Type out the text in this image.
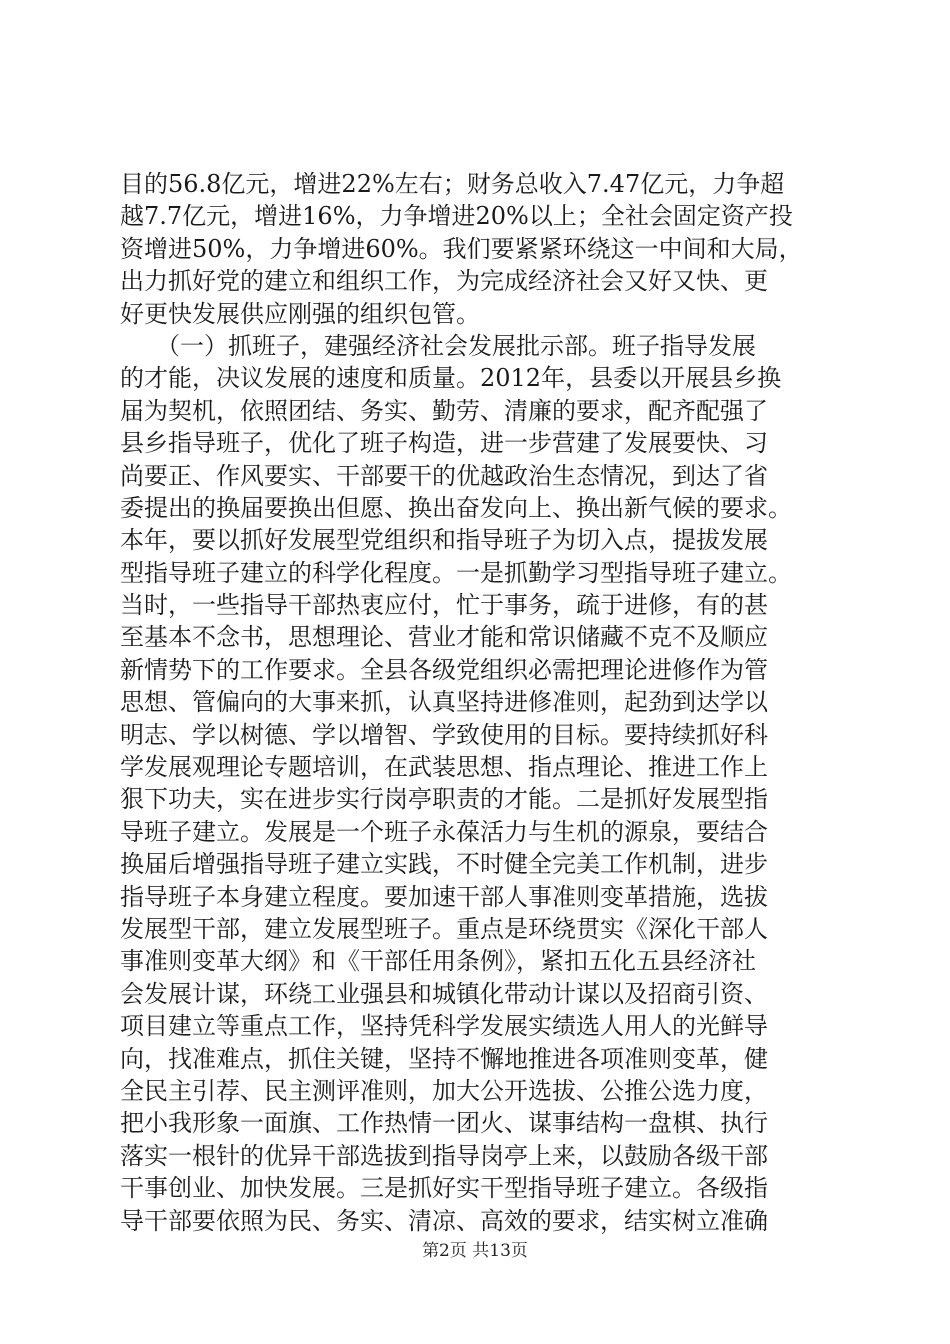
目的56.8亿元，增进22%左右；财务总收入7.47亿元，力争超
越7.7亿元，增进16%，力争增进20%以上；全社会固定资产投
资增进50%，力争增进60%。我们要紧紧环绕这一中间和大局，
出力抓好党的建立和组织工作，为完成经济社会又好又快、更
好更快发展供应刚强的组织包管。
　　（一）抓班子，建强经济社会发展批示部。班子指导发展
的才能，决议发展的速度和质量。2012年，县委以开展县乡换
届为契机，依照团结、务实、勤劳、清廉的要求，配齐配强了
县乡指导班子，优化了班子构造，进一步营建了发展要快、习
尚要正、作风要实、干部要干的优越政治生态情况，到达了省
委提出的换届要换出但愿、换出奋发向上、换出新气候的要求。
本年，要以抓好发展型党组织和指导班子为切入点，提拔发展
型指导班子建立的科学化程度。一是抓勤学习型指导班子建立。
当时，一些指导干部热衷应付，忙于事务，疏于进修，有的甚
至基本不念书，思想理论、营业才能和常识储藏不克不及顺应
新情势下的工作要求。全县各级党组织必需把理论进修作为管
思想、管偏向的大事来抓，认真坚持进修准则，起劲到达学以
明志、学以树德、学以增智、学致使用的目标。要持续抓好科
学发展观理论专题培训，在武装思想、指点理论、推进工作上
狠下功夫，实在进步实行岗亭职责的才能。二是抓好发展型指
导班子建立。发展是一个班子永葆活力与生机的源泉，要结合
换届后增强指导班子建立实践，不时健全完美工作机制，进步
指导班子本身建立程度。要加速干部人事准则变革措施，选拔
发展型干部，建立发展型班子。重点是环绕贯实《深化干部人
事准则变革大纲》和《干部任用条例》，紧扣五化五县经济社
会发展计谋，环绕工业强县和城镇化带动计谋以及招商引资、
项目建立等重点工作，坚持凭科学发展实绩选人用人的光鲜导
向，找准难点，抓住关键，坚持不懈地推进各项准则变革，健
全民主引荐、民主测评准则，加大公开选拔、公推公选力度，
把小我形象一面旗、工作热情一团火、谋事结构一盘棋、执行
落实一根针的优异干部选拔到指导岗亭上来，以鼓励各级干部
干事创业、加快发展。三是抓好实干型指导班子建立。各级指
导干部要依照为民、务实、清凉、高效的要求，结实树立准确
第2页 共13页
